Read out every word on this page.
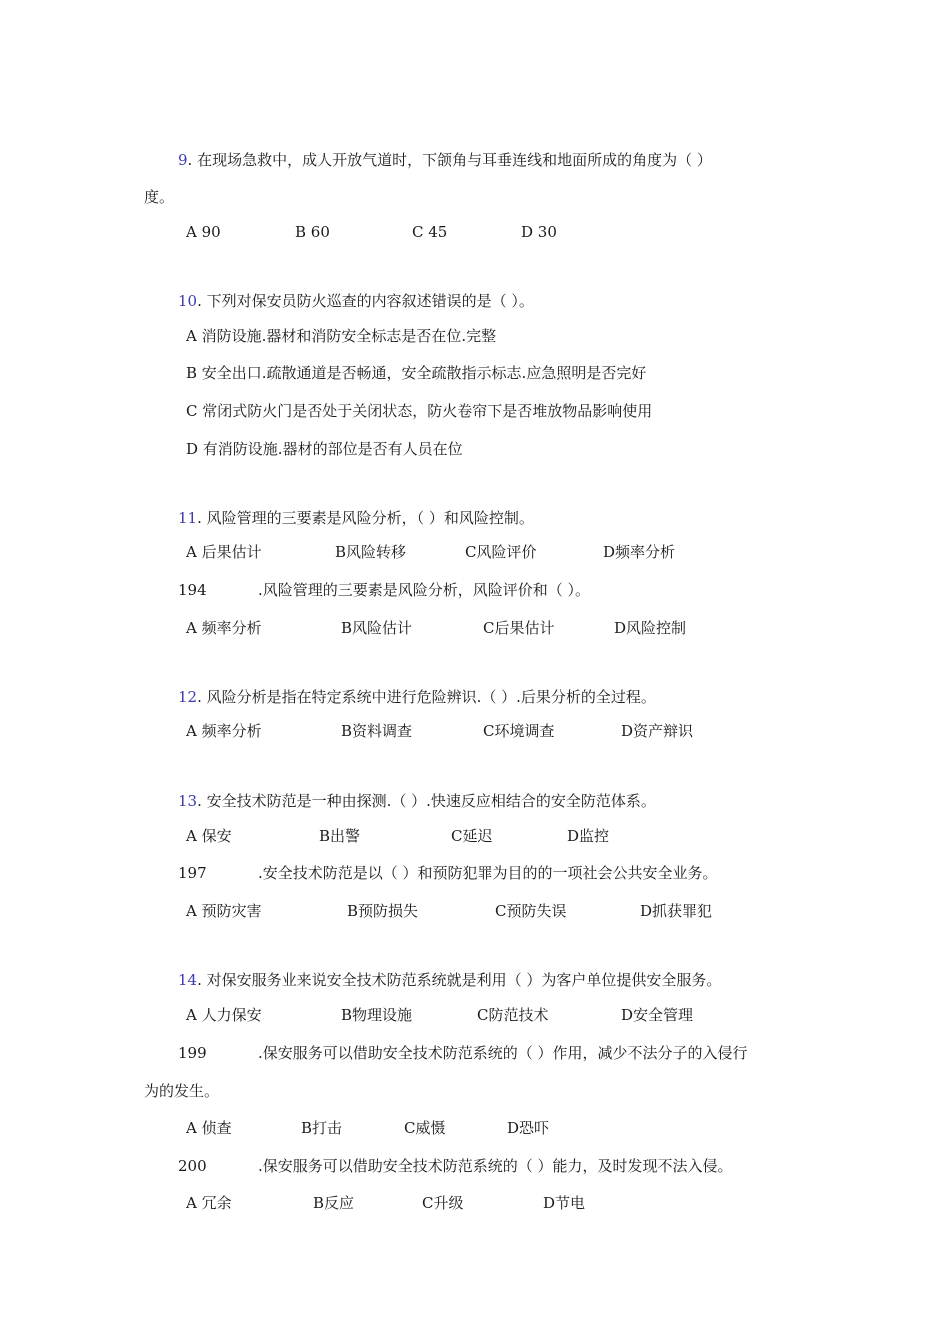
9. 在现场急救中，成人开放气道时，下颌角与耳垂连线和地面所成的角度为（ ）
度。
A 90	B 60	C 45	D 30
10. 下列对保安员防火巡查的内容叙述错误的是（ ）。
A 消防设施.器材和消防安全标志是否在位.完整
B 安全出口.疏散通道是否畅通，安全疏散指示标志.应急照明是否完好
C 常闭式防火门是否处于关闭状态，防火卷帘下是否堆放物品影响使用
D 有消防设施.器材的部位是否有人员在位
11. 风险管理的三要素是风险分析，（ ）和风险控制。
A 后果估计	B风险转移	C风险评价	D频率分析
194	.风险管理的三要素是风险分析，风险评价和（ ）。
A 频率分析	B风险估计	C后果估计	D风险控制
12. 风险分析是指在特定系统中进行危险辨识.（ ）.后果分析的全过程。
A 频率分析	B资料调查	C环境调查	D资产辩识
13. 安全技术防范是一种由探测.（ ）.快速反应相结合的安全防范体系。
A 保安	B出警	C延迟	D监控
197	.安全技术防范是以（ ）和预防犯罪为目的的一项社会公共安全业务。
A 预防灾害	B预防损失	C预防失误	D抓获罪犯
14. 对保安服务业来说安全技术防范系统就是利用（ ）为客户单位提供安全服务。
A 人力保安	B物理设施	C防范技术	D安全管理
199	.保安服务可以借助安全技术防范系统的（ ）作用，减少不法分子的入侵行
为的发生。
A 侦查	B打击	C威慑	D恐吓
200	.保安服务可以借助安全技术防范系统的（ ）能力，及时发现不法入侵。
A 冗余	B反应	C升级	D节电
